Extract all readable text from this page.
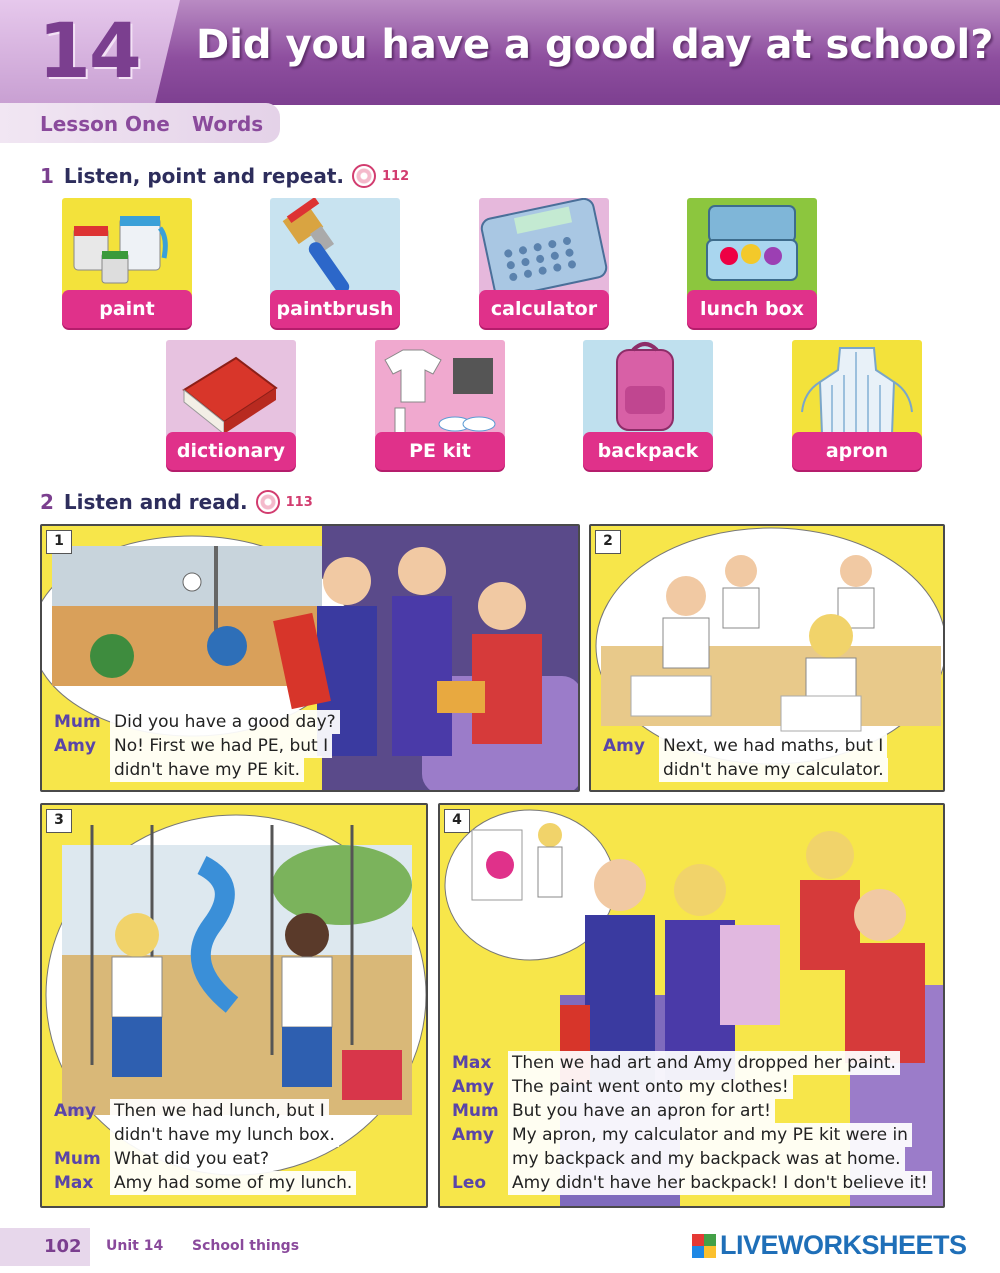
14 Did you have a good day at school?
Lesson One Words
1 Listen, point and repeat.	112
paint	paintbrush	calculator	lunch box
dictionary	PE kit	backpack	apron
2 Listen and read.	113
1
Mum Did you have a good day?
Amy	No! First we had PE, but I
didn't have my PE kit.
2
Amy	Next, we had maths, but I
didn't have my calculator.
3
Amy	Then we had lunch, but I
didn't have my lunch box.
Mum What did you eat?
Max	Amy had some of my lunch.
4
Max	Then we had art and Amy dropped her paint.
Amy	The paint went onto my clothes!
Mum But you have an apron for art!
Amy	My apron, my calculator and my PE kit were in
my backpack and my backpack was at home.
Leo	Amy didn't have her backpack! I don't believe it!
102	Unit 14 School things	LIVEWORKSHEETS
